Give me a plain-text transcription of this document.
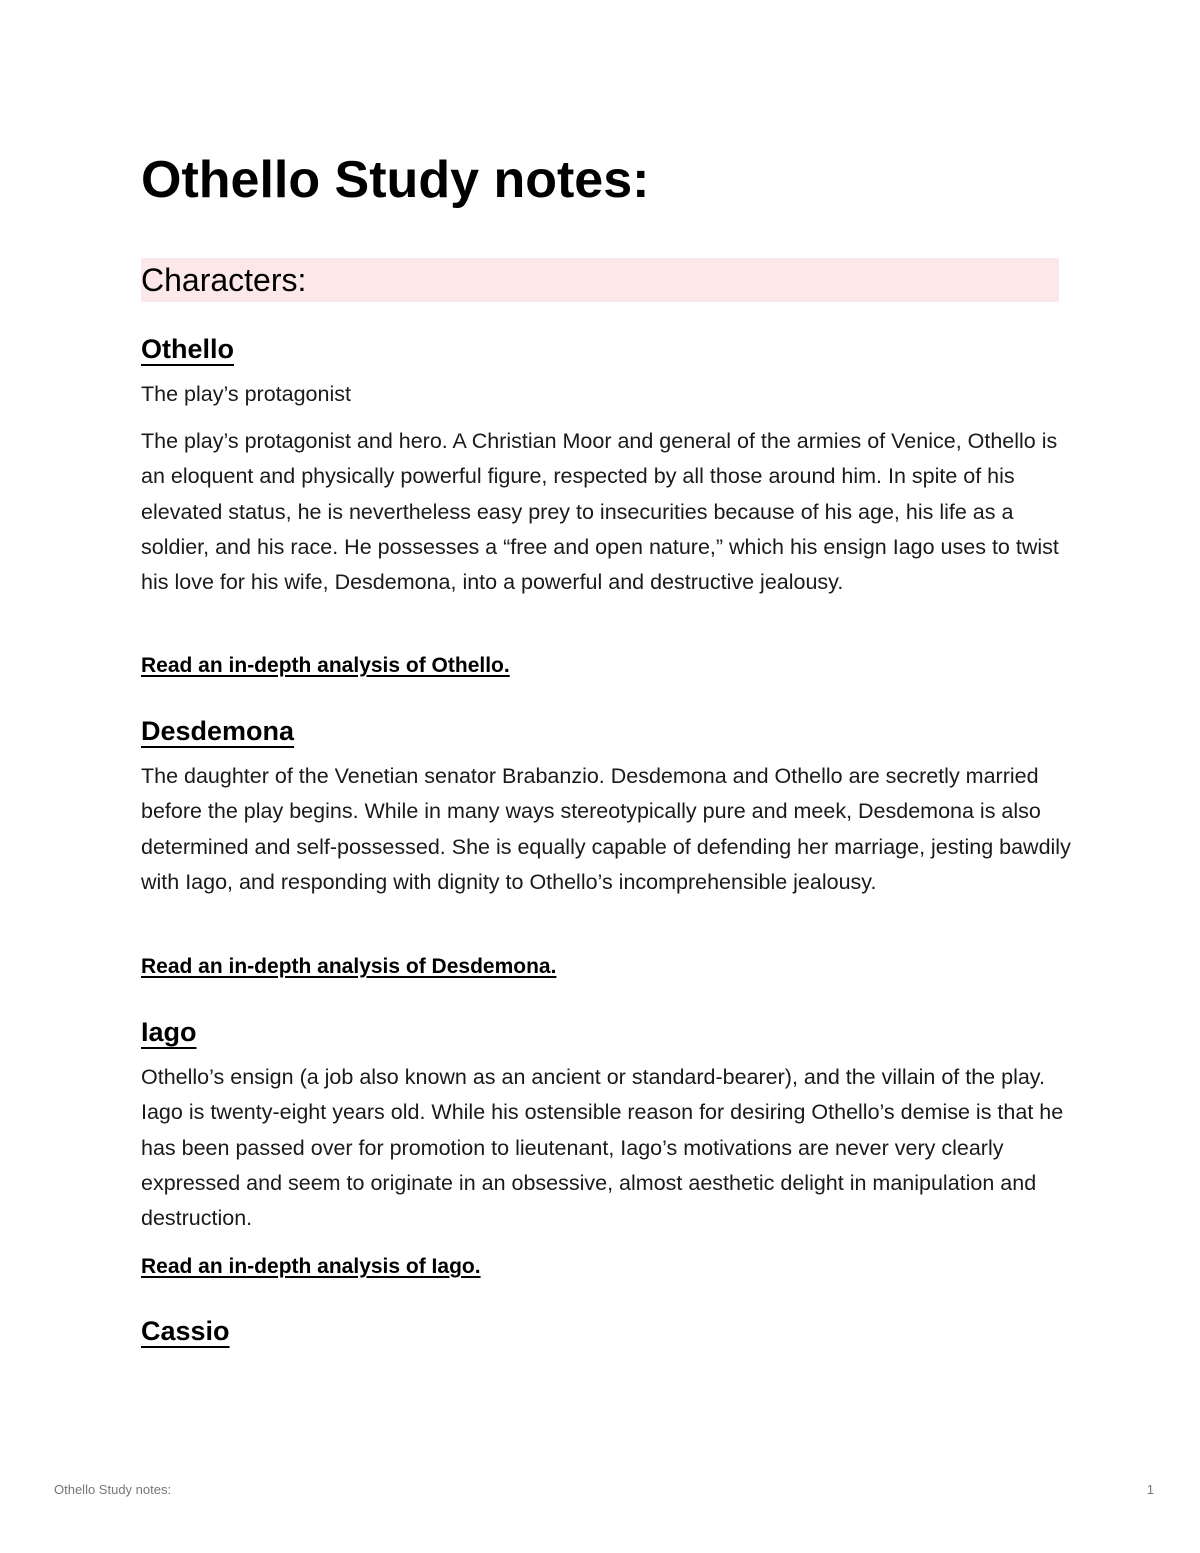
Othello Study notes:
Characters:
Othello

The play’s protagonist

The play’s protagonist and hero. A Christian Moor and general of the armies of Venice, Othello is an eloquent and physically powerful figure, respected by all those around him. In spite of his elevated status, he is nevertheless easy prey to insecurities because of his age, his life as a soldier, and his race. He possesses a “free and open nature,” which his ensign Iago uses to twist his love for his wife, Desdemona, into a powerful and destructive jealousy.

Read an in-depth analysis of Othello.
Desdemona

The daughter of the Venetian senator Brabanzio. Desdemona and Othello are secretly married before the play begins. While in many ways stereotypically pure and meek, Desdemona is also determined and self-possessed. She is equally capable of defending her marriage, jesting bawdily with Iago, and responding with dignity to Othello’s incomprehensible jealousy.

Read an in-depth analysis of Desdemona.
Iago

Othello’s ensign (a job also known as an ancient or standard-bearer), and the villain of the play. Iago is twenty-eight years old. While his ostensible reason for desiring Othello’s demise is that he has been passed over for promotion to lieutenant, Iago’s motivations are never very clearly expressed and seem to originate in an obsessive, almost aesthetic delight in manipulation and destruction.

Read an in-depth analysis of Iago.
Cassio
Othello Study notes:	1
